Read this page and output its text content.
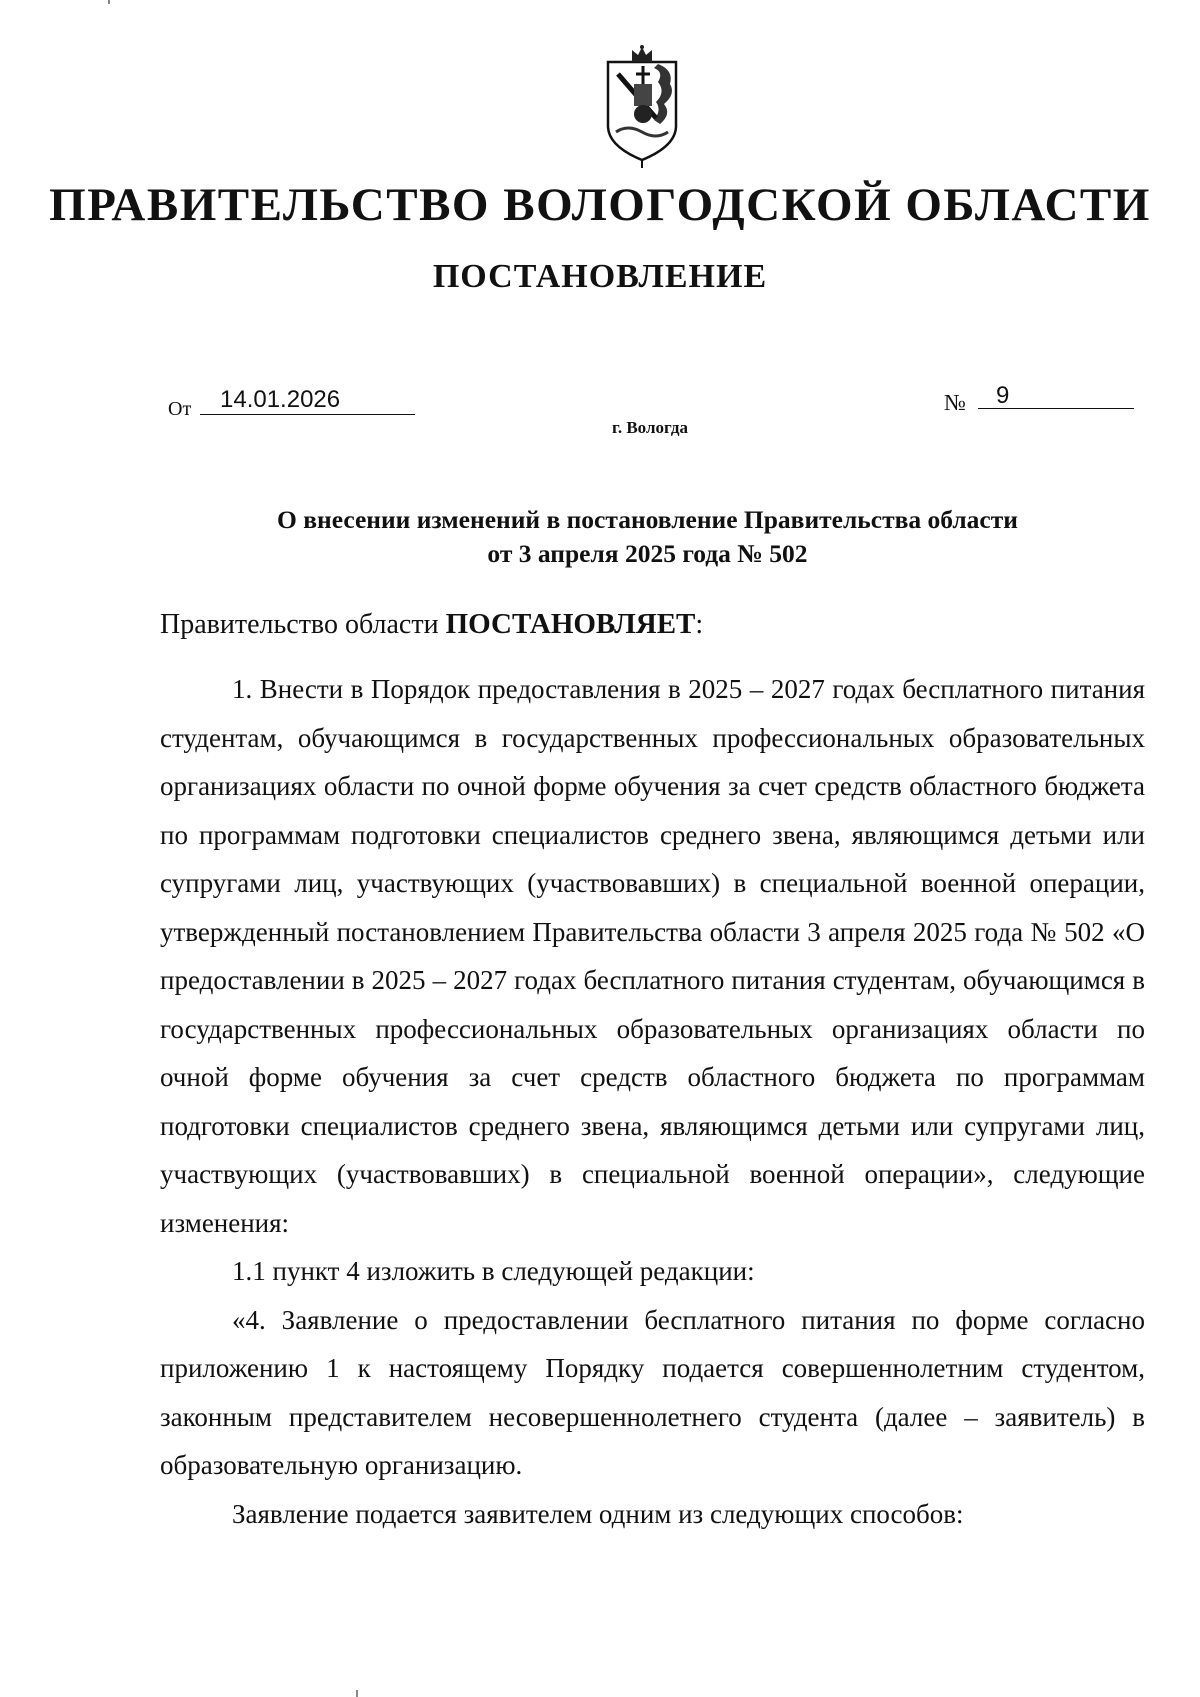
ПРАВИТЕЛЬСТВО ВОЛОГОДСКОЙ ОБЛАСТИ
ПОСТАНОВЛЕНИЕ
От 14.01.2026	№ 9
г. Вологда
О внесении изменений в постановление Правительства области
от 3 апреля 2025 года № 502
Правительство области ПОСТАНОВЛЯЕТ:

1. Внести в Порядок предоставления в 2025 – 2027 годах бесплатного питания студентам, обучающимся в государственных профессиональных образовательных организациях области по очной форме обучения за счет средств областного бюджета по программам подготовки специалистов среднего звена, являющимся детьми или супругами лиц, участвующих (участвовавших) в специальной военной операции, утвержденный постановлением Правительства области 3 апреля 2025 года № 502 «О предоставлении в 2025 – 2027 годах бесплатного питания студентам, обучающимся в государственных профессиональных образовательных организациях области по очной форме обучения за счет средств областного бюджета по программам подготовки специалистов среднего звена, являющимся детьми или супругами лиц, участвующих (участвовавших) в специальной военной операции», следующие изменения:

1.1 пункт 4 изложить в следующей редакции:

«4. Заявление о предоставлении бесплатного питания по форме согласно приложению 1 к настоящему Порядку подается совершеннолетним студентом, законным представителем несовершеннолетнего студента (далее – заявитель) в образовательную организацию.

Заявление подается заявителем одним из следующих способов:
